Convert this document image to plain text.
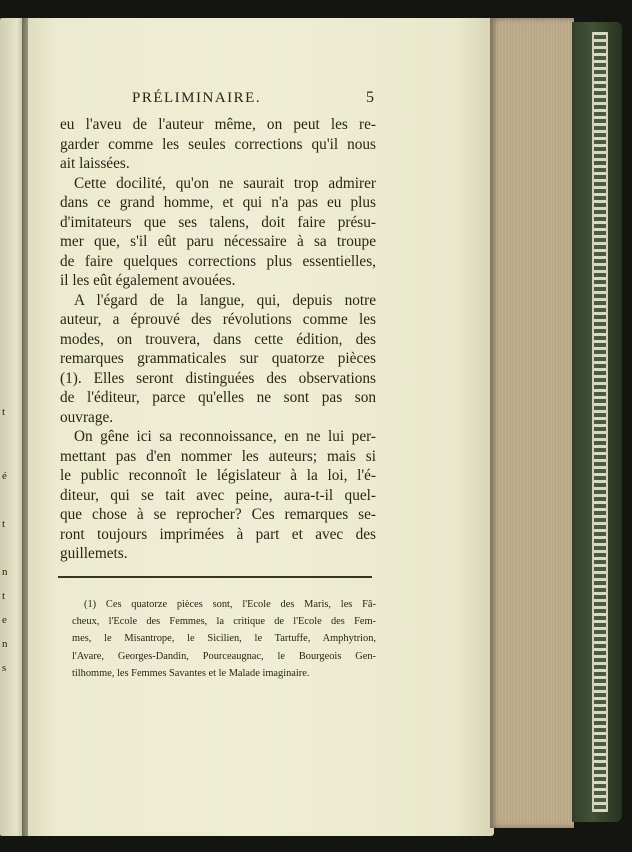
t
é
t
n
t
e
n
s
PRÉLIMINAIRE.	5
eu l'aveu de l'auteur même, on peut les re-
garder comme les seules corrections qu'il nous
ait laissées.
Cette docilité, qu'on ne saurait trop admirer
dans ce grand homme, et qui n'a pas eu plus
d'imitateurs que ses talens, doit faire présu-
mer que, s'il eût paru nécessaire à sa troupe
de faire quelques corrections plus essentielles,
il les eût également avouées.
A l'égard de la langue, qui, depuis notre
auteur, a éprouvé des révolutions comme les
modes, on trouvera, dans cette édition, des
remarques grammaticales sur quatorze pièces
(1). Elles seront distinguées des observations
de l'éditeur, parce qu'elles ne sont pas son
ouvrage.
On gêne ici sa reconnoissance, en ne lui per-
mettant pas d'en nommer les auteurs; mais si
le public reconnoît le législateur à la loi, l'é-
diteur, qui se tait avec peine, aura-t-il quel-
que chose à se reprocher? Ces remarques se-
ront toujours imprimées à part et avec des
guillemets.
(1) Ces quatorze pièces sont, l'Ecole des Maris, les Fâ-
cheux, l'Ecole des Femmes, la critique de l'Ecole des Fem-
mes, le Misantrope, le Sicilien, le Tartuffe, Amphytrion,
l'Avare, Georges-Dandin, Pourceaugnac, le Bourgeois Gen-
tilhomme, les Femmes Savantes et le Malade imaginaire.
